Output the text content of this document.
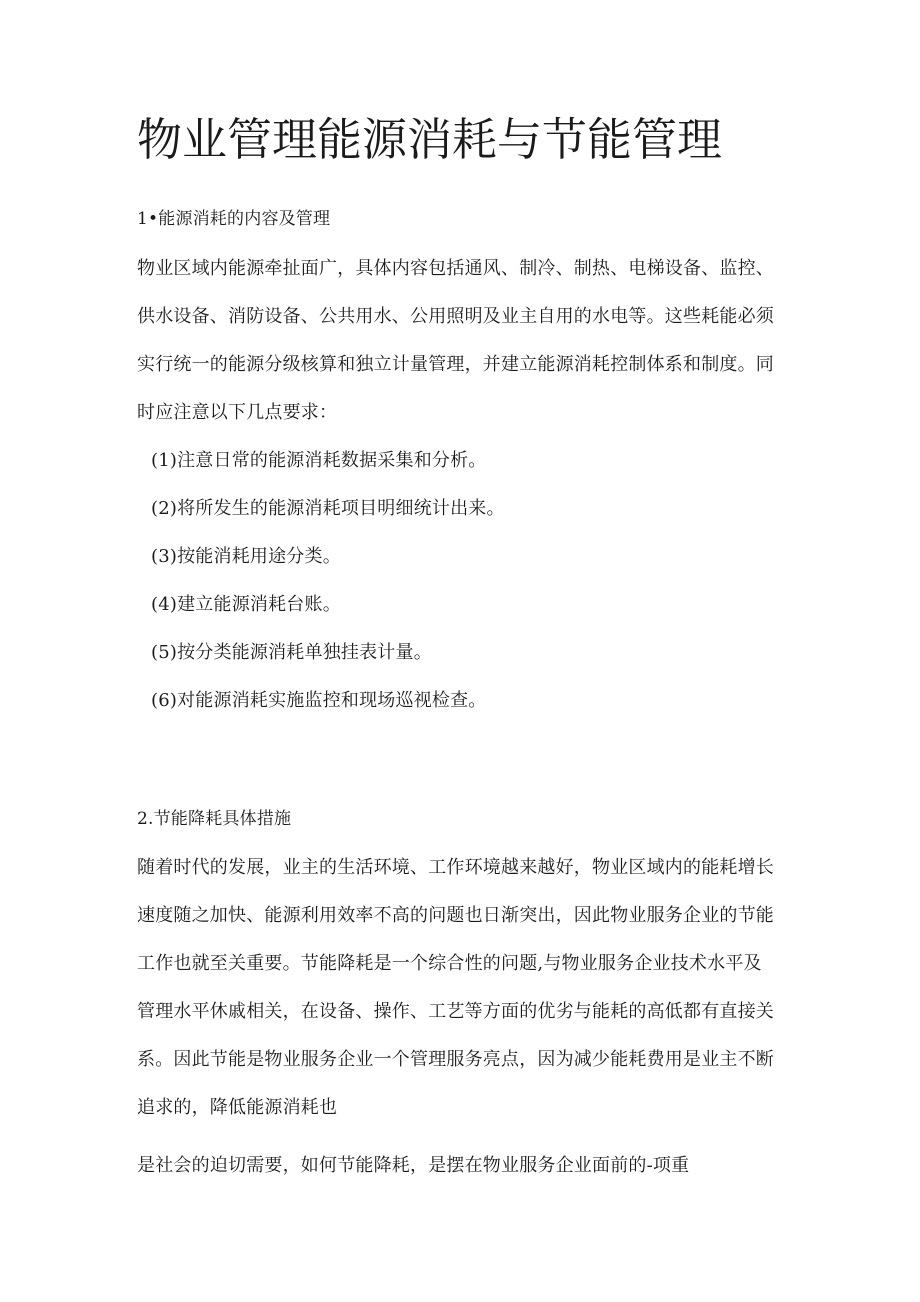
物业管理能源消耗与节能管理
1•能源消耗的内容及管理
物业区域内能源牵扯面广，具体内容包括通风、制冷、制热、电梯设备、监控、
供水设备、消防设备、公共用水、公用照明及业主自用的水电等。这些耗能必须
实行统一的能源分级核算和独立计量管理，并建立能源消耗控制体系和制度。同
时应注意以下几点要求：
(1)注意日常的能源消耗数据采集和分析。
(2)将所发生的能源消耗项目明细统计出来。
(3)按能消耗用途分类。
(4)建立能源消耗台账。
(5)按分类能源消耗单独挂表计量。
(6)对能源消耗实施监控和现场巡视检查。
2.节能降耗具体措施
随着时代的发展，业主的生活环境、工作环境越来越好，物业区域内的能耗增长
速度随之加快、能源利用效率不高的问题也日渐突出，因此物业服务企业的节能
工作也就至关重要。节能降耗是一个综合性的问题,与物业服务企业技术水平及
管理水平休戚相关，在设备、操作、工艺等方面的优劣与能耗的高低都有直接关
系。因此节能是物业服务企业一个管理服务亮点，因为减少能耗费用是业主不断
追求的，降低能源消耗也
是社会的迫切需要，如何节能降耗，是摆在物业服务企业面前的-项重
